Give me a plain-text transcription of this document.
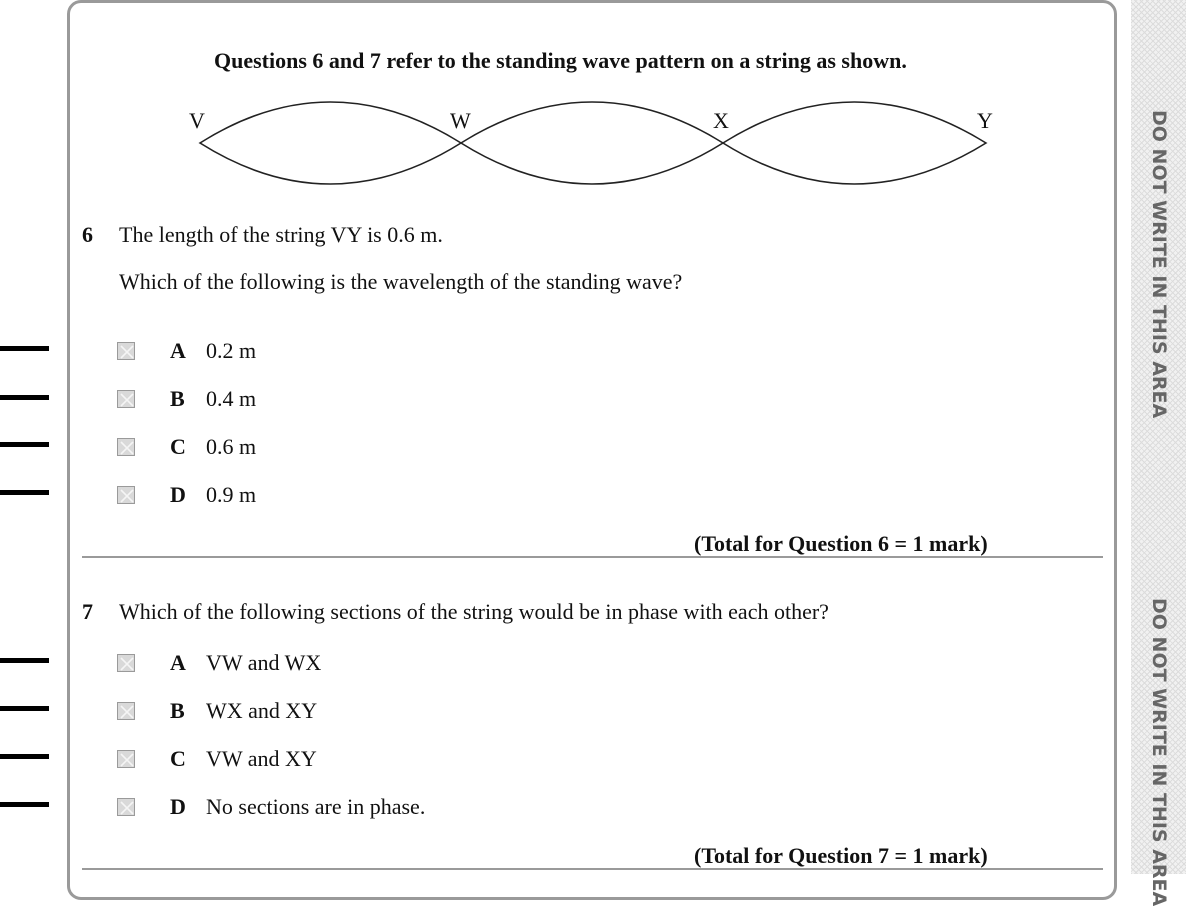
DO NOT WRITE IN THIS AREA
DO NOT WRITE IN THIS AREA
Questions 6 and 7 refer to the standing wave pattern on a string as shown.
V	W	X	Y
6 The length of the string VY is 0.6 m.
Which of the following is the wavelength of the standing wave?
A 0.2 m
B 0.4 m
C 0.6 m
D 0.9 m
(Total for Question 6 = 1 mark)
7 Which of the following sections of the string would be in phase with each other?
A VW and WX
B WX and XY
C VW and XY
D No sections are in phase.
(Total for Question 7 = 1 mark)
